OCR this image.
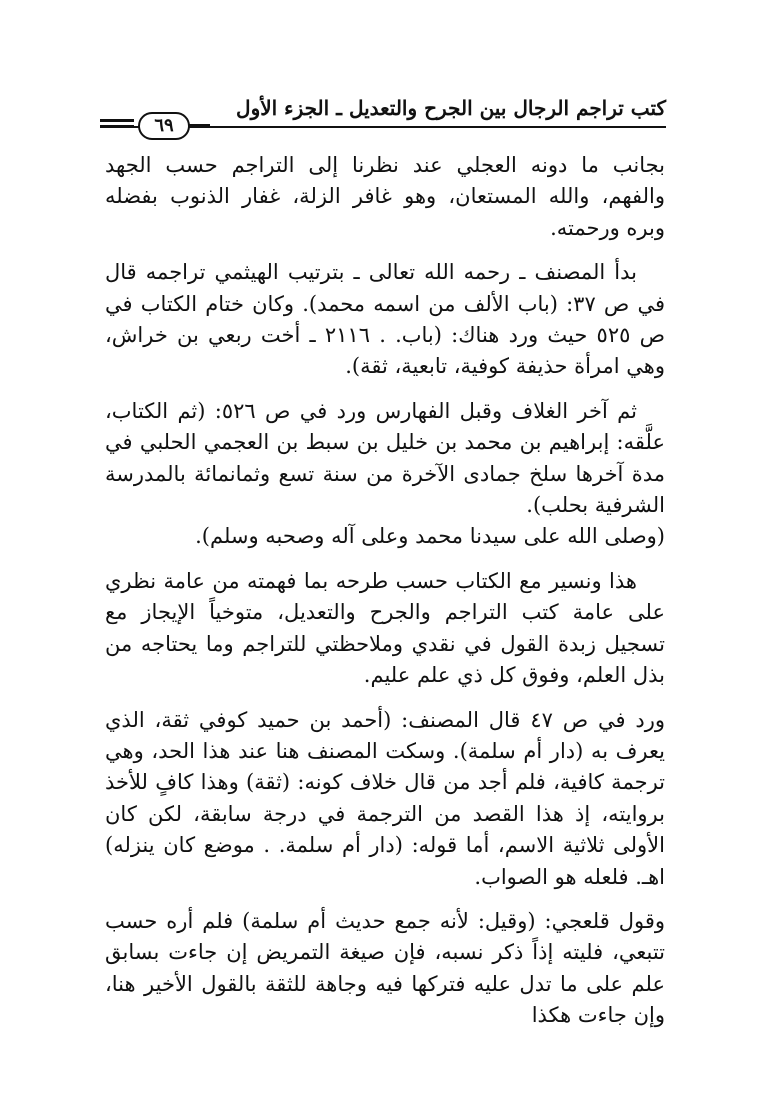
كتب تراجم الرجال بين الجرح والتعديل ـ الجزء الأول
٦٩

بجانب ما دونه العجلي عند نظرنا إلى التراجم حسب الجهد والفهم، والله المستعان، وهو غافر الزلة، غفار الذنوب بفضله وبره ورحمته.

بدأ المصنف ـ رحمه الله تعالى ـ بترتيب الهيثمي تراجمه قال في ص ٣٧: (باب الألف من اسمه محمد). وكان ختام الكتاب في ص ٥٢٥ حيث ورد هناك: (باب. . ٢١١٦ ـ أخت ربعي بن خراش، وهي امرأة حذيفة كوفية، تابعية، ثقة).

ثم آخر الغلاف وقبل الفهارس ورد في ص ٥٢٦: (ثم الكتاب، علَّقه: إبراهيم بن محمد بن خليل بن سبط بن العجمي الحلبي في مدة آخرها سلخ جمادى الآخرة من سنة تسع وثمانمائة بالمدرسة الشرفية بحلب).

(وصلى الله على سيدنا محمد وعلى آله وصحبه وسلم).

هذا ونسير مع الكتاب حسب طرحه بما فهمته من عامة نظري على عامة كتب التراجم والجرح والتعديل، متوخياً الإيجاز مع تسجيل زبدة القول في نقدي وملاحظتي للتراجم وما يحتاجه من بذل العلم، وفوق كل ذي علم عليم.

ورد في ص ٤٧ قال المصنف: (أحمد بن حميد كوفي ثقة، الذي يعرف به (دار أم سلمة). وسكت المصنف هنا عند هذا الحد، وهي ترجمة كافية، فلم أجد من قال خلاف كونه: (ثقة) وهذا كافٍ للأخذ بروايته، إذ هذا القصد من الترجمة في درجة سابقة، لكن كان الأولى ثلاثية الاسم، أما قوله: (دار أم سلمة. . موضع كان ينزله) اهـ. فلعله هو الصواب.

وقول قلعجي: (وقيل: لأنه جمع حديث أم سلمة) فلم أره حسب تتبعي، فليته إذاً ذكر نسبه، فإن صيغة التمريض إن جاءت بسابق علم على ما تدل عليه فتركها فيه وجاهة للثقة بالقول الأخير هنا، وإن جاءت هكذا
